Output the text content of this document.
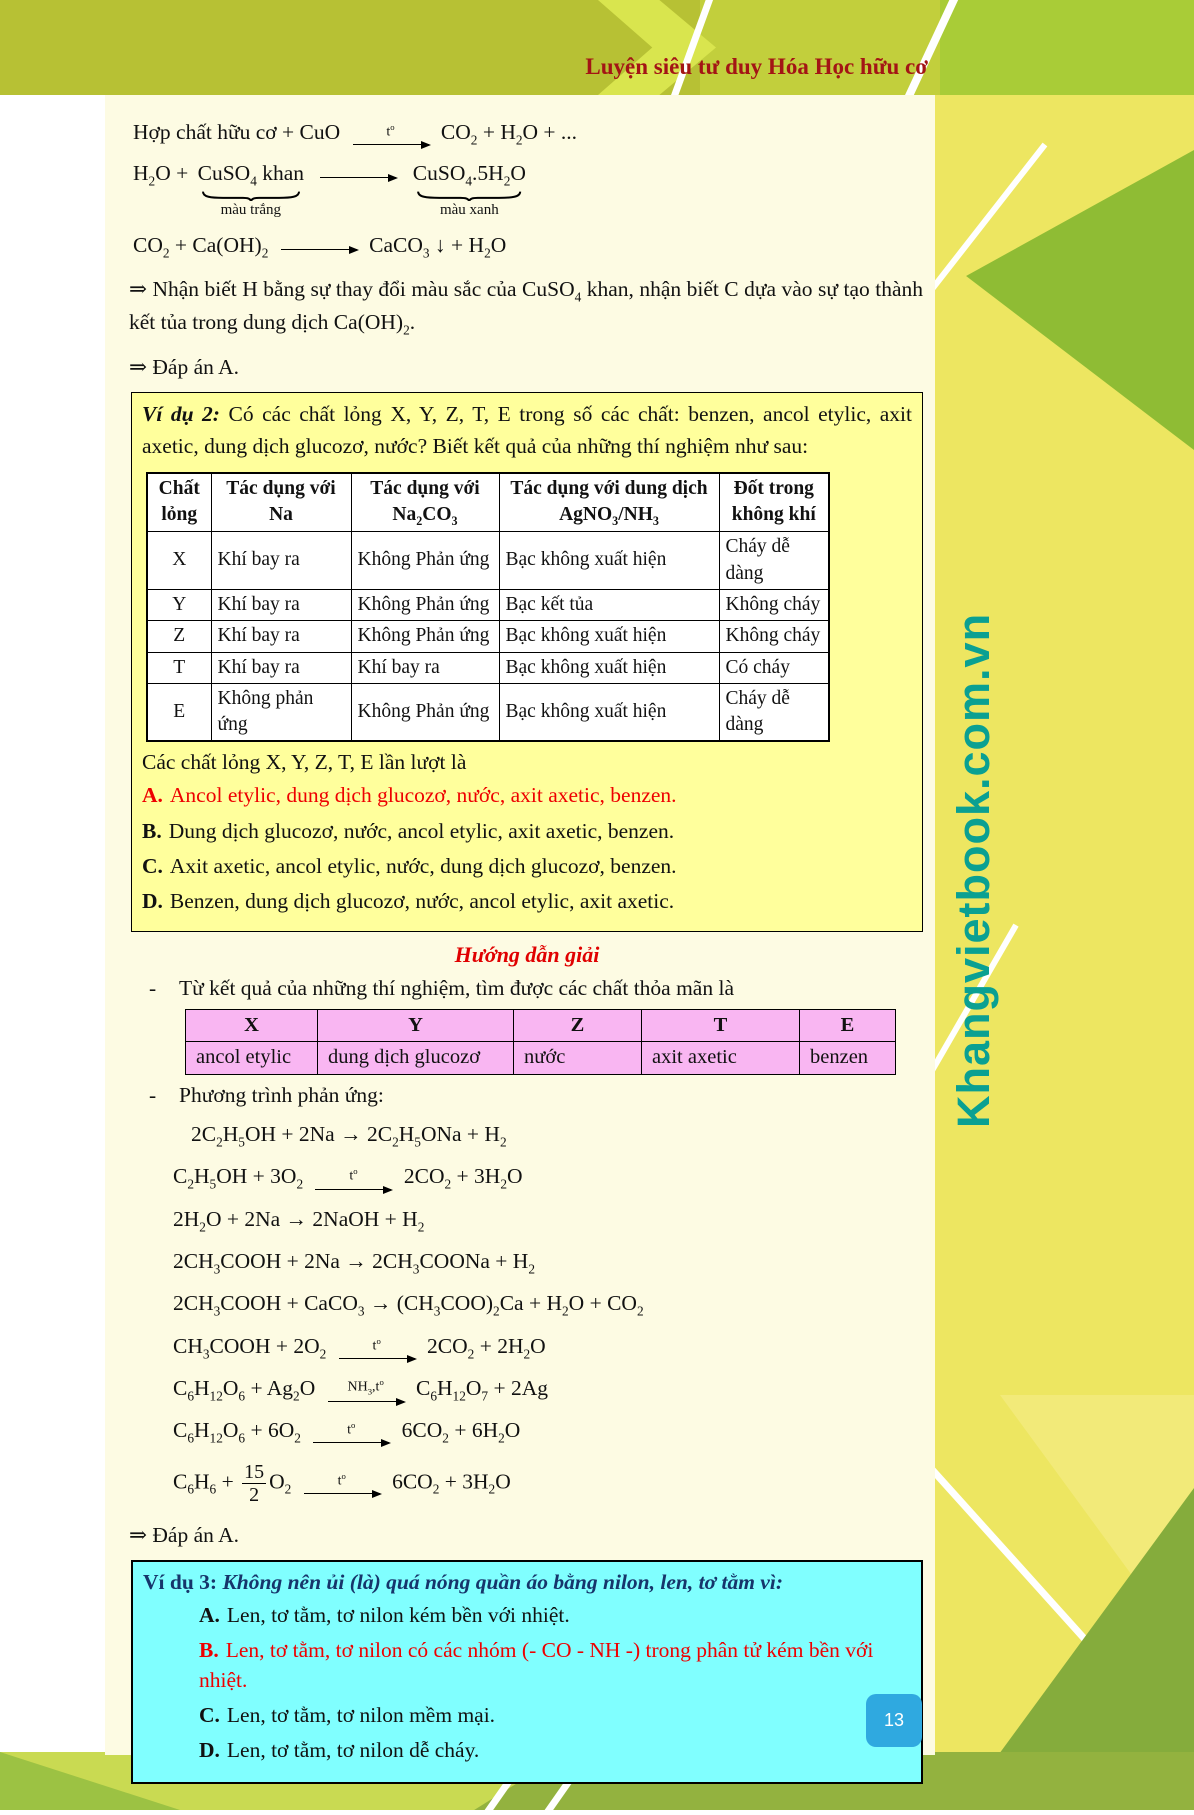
Luyện siêu tư duy Hóa Học hữu cơ
Khangvietbook.com.vn
13
Hợp chất hữu cơ + CuO	$t^o$ $CO_2 + H_2O$ + ...
$H_2O$ + CuSO$_4$ khan
màu trắng

$CuSO_4.5H_2O$
màu xanh
$CO_2 + Ca(OH)_2$	CaCO$_3$ ↓ + $H_2O$
⇒ Nhận biết H bằng sự thay đổi màu sắc của CuSO$_4$ khan, nhận biết C dựa vào sự tạo thành kết tủa trong dung dịch $Ca(OH)_2$.
⇒ Đáp án A.
Ví dụ 2: Có các chất lỏng X, Y, Z, T, E trong số các chất: benzen, ancol etylic, axit axetic, dung dịch glucozơ, nước? Biết kết quả của những thí nghiệm như sau:
Chất lỏng	Tác dụng với Na	Tác dụng với $Na_2CO_3$	Tác dụng với dung dịch $AgNO_3/NH_3$	Đốt trong không khí
X	Khí bay ra	Không Phản ứng	Bạc không xuất hiện	Cháy dễ dàng
Y	Khí bay ra	Không Phản ứng	Bạc kết tủa	Không cháy
Z	Khí bay ra	Không Phản ứng	Bạc không xuất hiện	Không cháy
T	Khí bay ra	Khí bay ra	Bạc không xuất hiện	Có cháy
E	Không phản ứng	Không Phản ứng	Bạc không xuất hiện	Cháy dễ dàng
Các chất lỏng X, Y, Z, T, E lần lượt là
A. Ancol etylic, dung dịch glucozơ, nước, axit axetic, benzen.
B. Dung dịch glucozơ, nước, ancol etylic, axit axetic, benzen.
C. Axit axetic, ancol etylic, nước, dung dịch glucozơ, benzen.
D. Benzen, dung dịch glucozơ, nước, ancol etylic, axit axetic.
Hướng dẫn giải
-	Từ kết quả của những thí nghiệm, tìm được các chất thỏa mãn là
X	Y	Z	T	E
ancol etylic	dung dịch glucozơ	nước	axit axetic	benzen
-	Phương trình phản ứng:
$2C_2H_5OH + 2Na \to 2C_2H_5ONa + H_2$
$C_2H_5OH + 3O_2$
$t^o$ $2CO_2 + 3H_2O$
$2H_2O + 2Na$ → 2NaOH + $H_2$
$2CH_3COOH + 2Na$ → $2CH_3COONa + H_2$
$2CH_3COOH$ + CaCO$_3$ → $(CH_3COO)_2Ca + H_2O + CO_2$
$CH_3COOH + 2O_2$
$t^o$ $2CO_2 + 2H_2O$
$C_6H_{12}O_6 + Ag_2O$ $NH_3,t^o$ $C_6H_{12}O_7 + 2Ag$
$C_6H_{12}O_6 + 6O_2$
$t^o$ $6CO_2 + 6H_2O$
$C_6H_6 + \frac{15}{2} O_2$
$t^o$ $6CO_2 + 3H_2O$
⇒ Đáp án A.
Ví dụ 3: Không nên ủi (là) quá nóng quần áo bằng nilon, len, tơ tằm vì:
A. Len, tơ tằm, tơ nilon kém bền với nhiệt.
B. Len, tơ tằm, tơ nilon có các nhóm (- CO - NH -) trong phân tử kém bền với nhiệt.
C. Len, tơ tằm, tơ nilon mềm mại.
D. Len, tơ tằm, tơ nilon dễ cháy.
